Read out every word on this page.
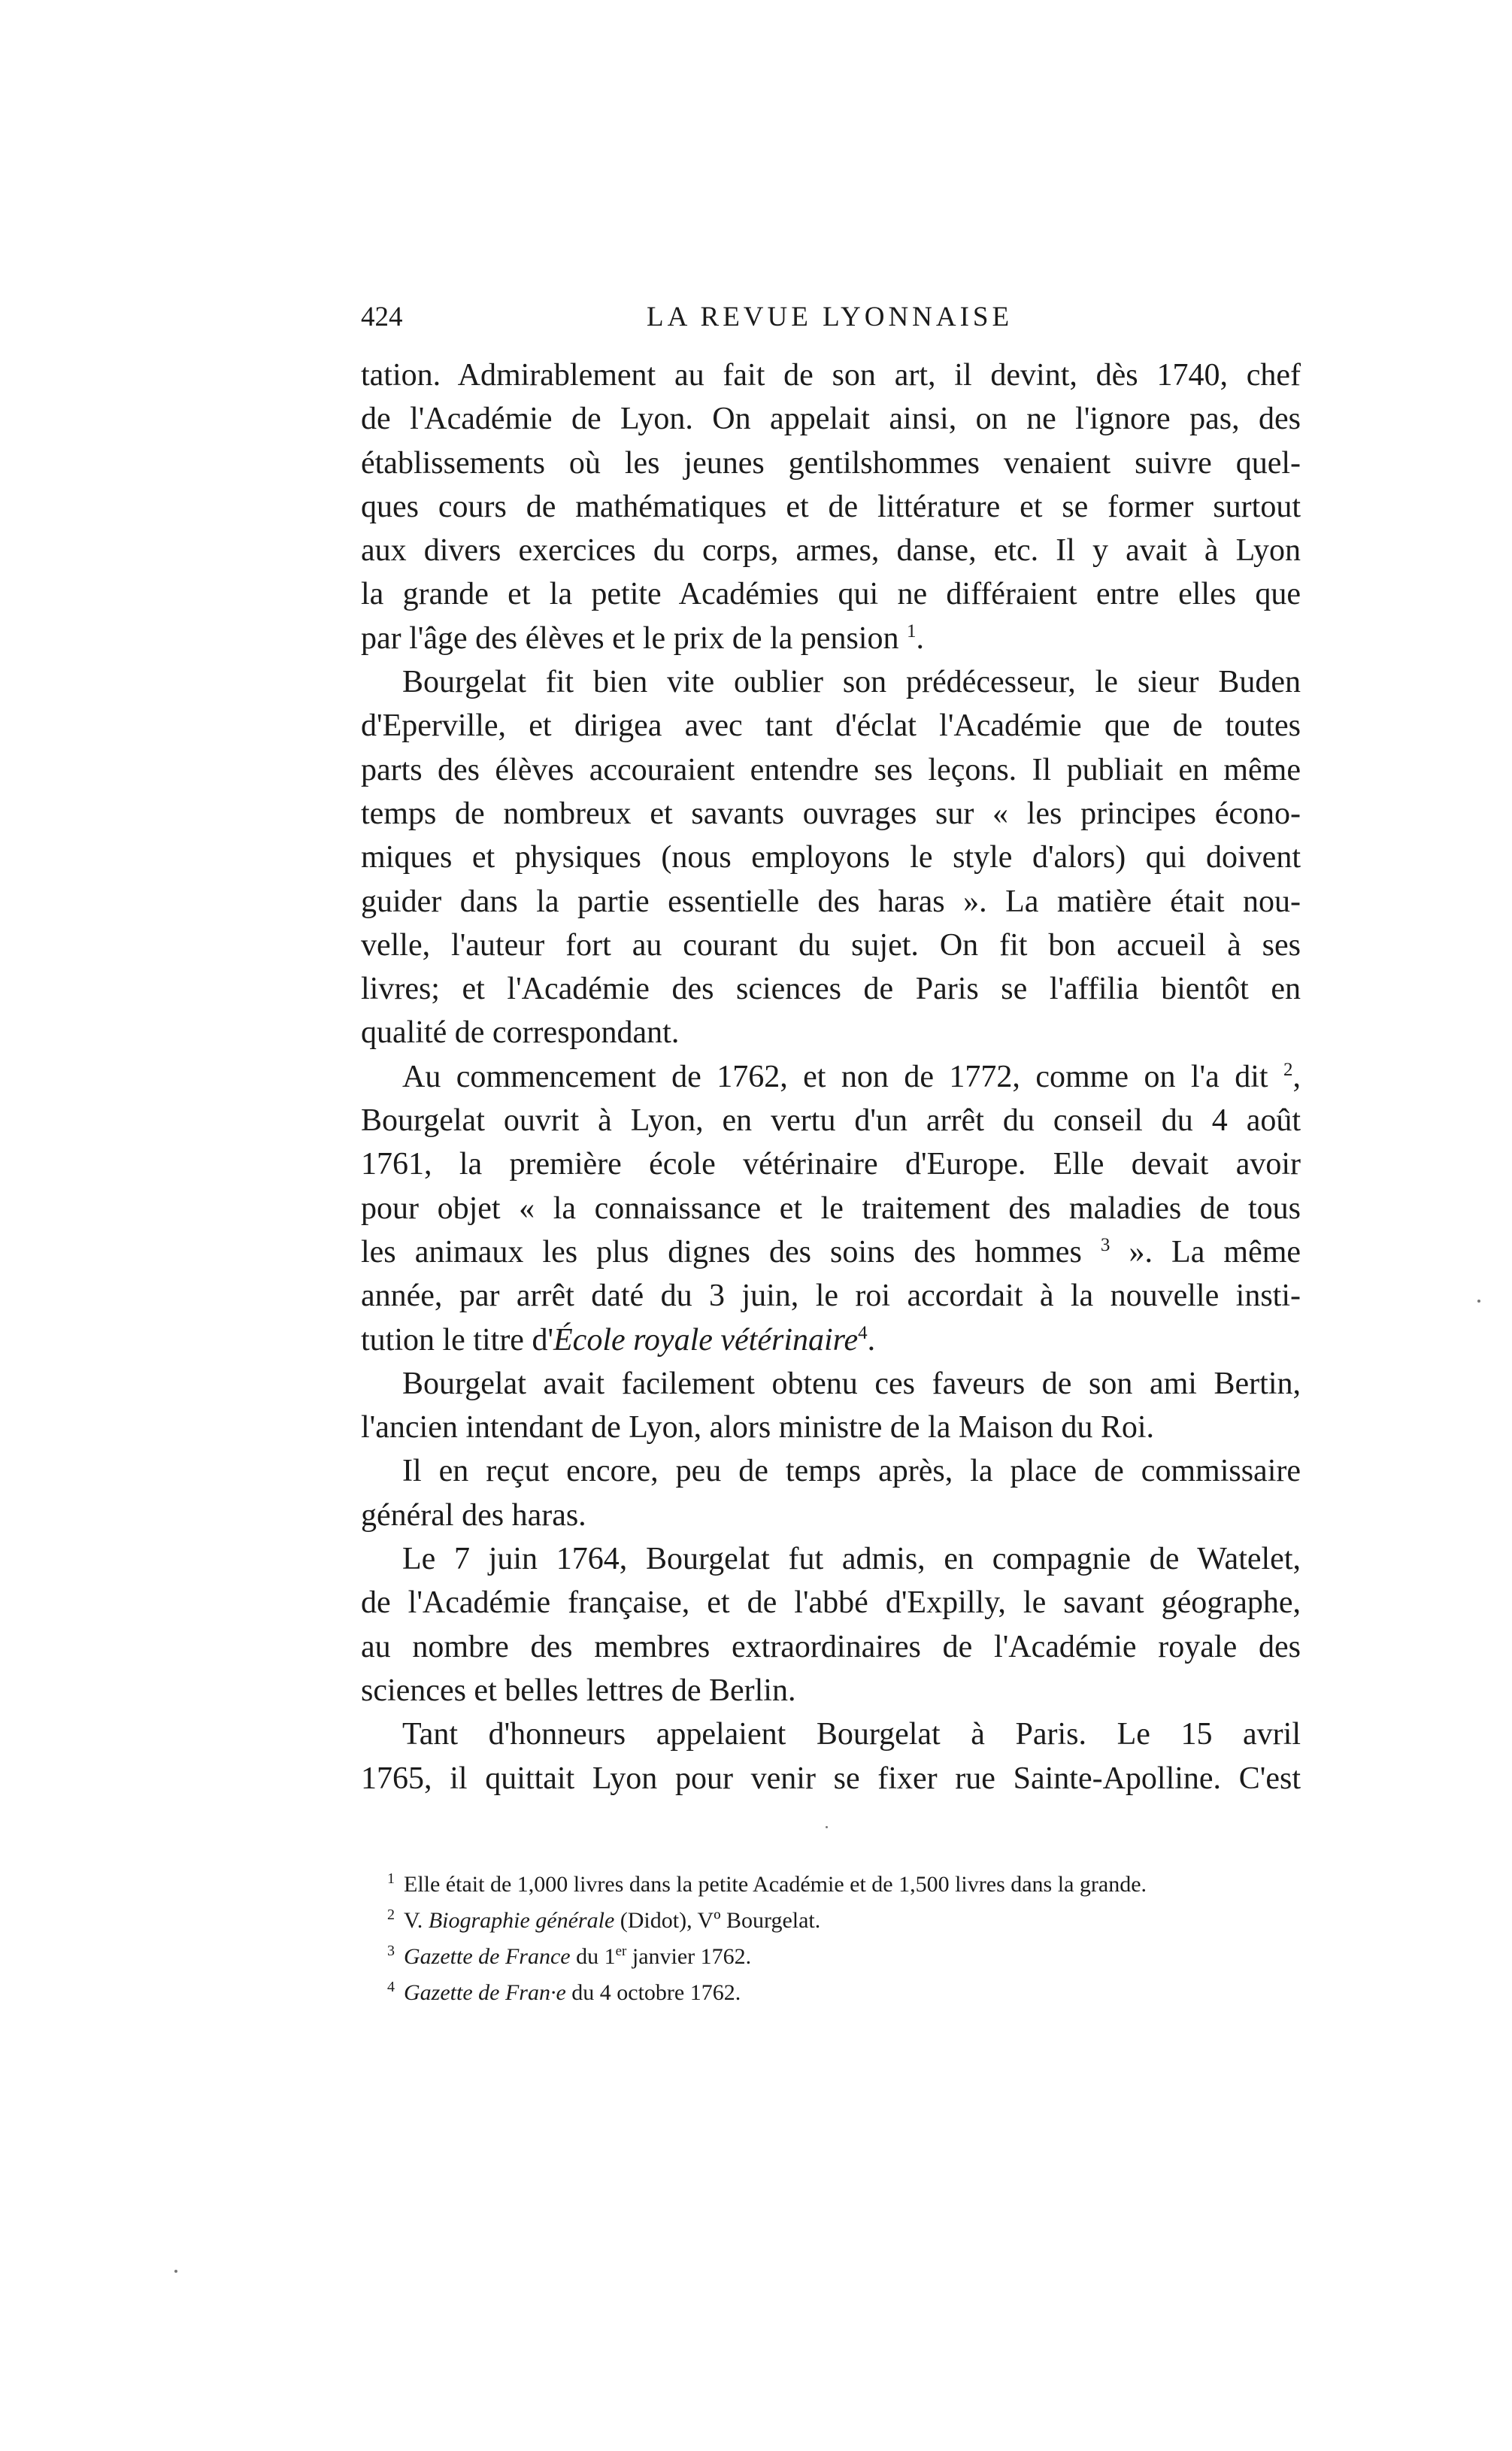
424	LA REVUE LYONNAISE

tation. Admirablement au fait de son art, il devint, dès 1740, chef
de l'Académie de Lyon. On appelait ainsi, on ne l'ignore pas, des
établissements où les jeunes gentilshommes venaient suivre quel-
ques cours de mathématiques et de littérature et se former surtout
aux divers exercices du corps, armes, danse, etc. Il y avait à Lyon
la grande et la petite Académies qui ne différaient entre elles que
par l'âge des élèves et le prix de la pension $^1$.

Bourgelat fit bien vite oublier son prédécesseur, le sieur Buden
d'Eperville, et dirigea avec tant d'éclat l'Académie que de toutes
parts des élèves accouraient entendre ses leçons. Il publiait en même
temps de nombreux et savants ouvrages sur « les principes écono-
miques et physiques (nous employons le style d'alors) qui doivent
guider dans la partie essentielle des haras ». La matière était nou-
velle, l'auteur fort au courant du sujet. On fit bon accueil à ses
livres; et l'Académie des sciences de Paris se l'affilia bientôt en
qualité de correspondant.

Au commencement de 1762, et non de 1772, comme on l'a dit $^2$,
Bourgelat ouvrit à Lyon, en vertu d'un arrêt du conseil du 4 août
1761, la première école vétérinaire d'Europe. Elle devait avoir
pour objet « la connaissance et le traitement des maladies de tous
les animaux les plus dignes des soins des hommes $^3$ ». La même
année, par arrêt daté du 3 juin, le roi accordait à la nouvelle insti-
tution le titre d'École royale vétérinaire$^4$.

Bourgelat avait facilement obtenu ces faveurs de son ami Bertin,
l'ancien intendant de Lyon, alors ministre de la Maison du Roi.

Il en reçut encore, peu de temps après, la place de commissaire
général des haras.

Le 7 juin 1764, Bourgelat fut admis, en compagnie de Watelet,
de l'Académie française, et de l'abbé d'Expilly, le savant géographe,
au nombre des membres extraordinaires de l'Académie royale des
sciences et belles lettres de Berlin.

Tant d'honneurs appelaient Bourgelat à Paris. Le 15 avril
1765, il quittait Lyon pour venir se fixer rue Sainte-Apolline. C'est

$^1$ Elle était de 1,000 livres dans la petite Académie et de 1,500 livres dans la grande.
$^2$ V. Biographie générale (Didot), Vº Bourgelat.
$^3$ Gazette de France du 1er janvier 1762.
$^4$ Gazette de Fran·e du 4 octobre 1762.
